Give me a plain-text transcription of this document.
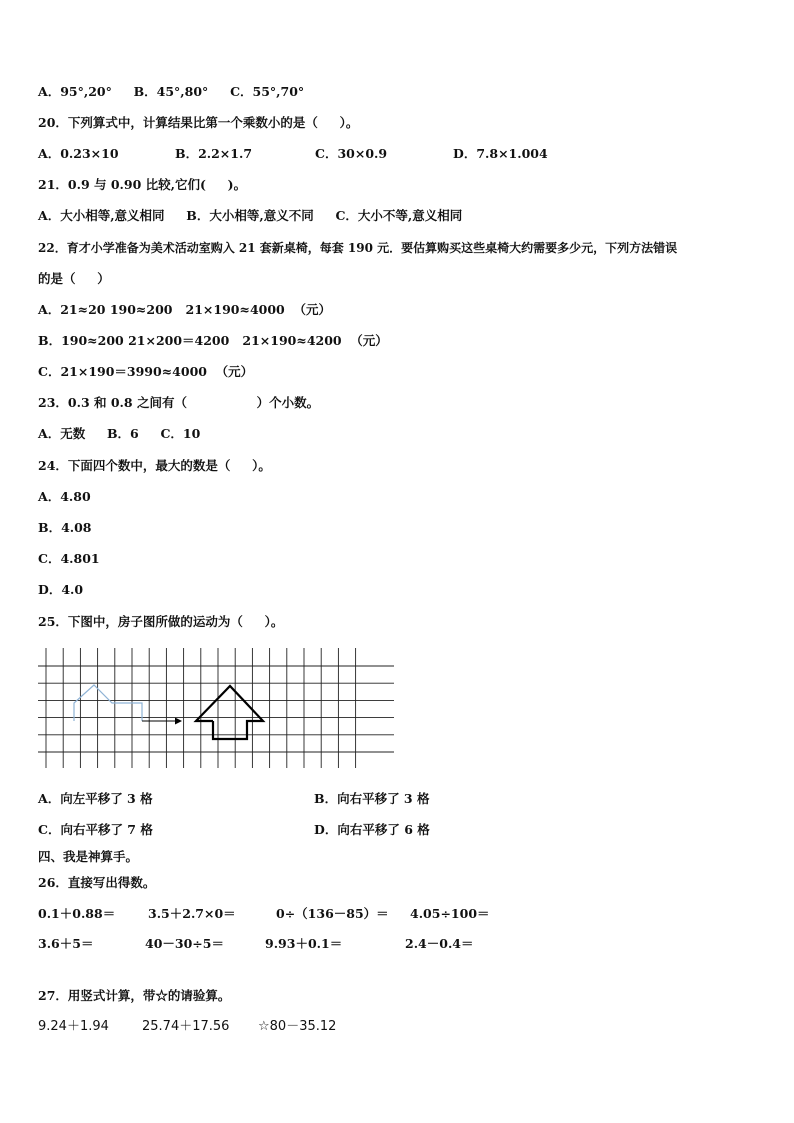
A．95°,20°     B．45°,80°     C．55°,70°
20．下列算式中，计算结果比第一个乘数小的是（     ）。
A．0.23×10	B．2.2×1.7	C．30×0.9	D．7.8×1.004
21．0.9 与 0.90 比较,它们(     )。
A．大小相等,意义相同     B．大小相等,意义不同     C．大小不等,意义相同
22．育才小学准备为美术活动室购入 21 套新桌椅，每套 190 元．要估算购买这些桌椅大约需要多少元，下列方法错误
的是（     ）
A．21≈20 190≈200   21×190≈4000  （元）
B．190≈200 21×200＝4200   21×190≈4200  （元）
C．21×190＝3990≈4000  （元）
23．0.3 和 0.8 之间有（                ）个小数。
A．无数     B．6     C．10
24．下面四个数中，最大的数是（     ）。
A．4.80
B．4.08
C．4.801
D．4.0
25．下图中，房子图所做的运动为（     ）。
A．向左平移了 3 格	B．向右平移了 3 格
C．向右平移了 7 格	D．向右平移了 6 格
四、我是神算手。
26．直接写出得数。
0.1＋0.88＝	3.5＋2.7×0＝	0÷（136－85）＝ 4.05÷100＝
3.6＋5＝	40－30÷5＝	9.93＋0.1＝	2.4－0.4＝
27．用竖式计算，带☆的请验算。
9.24＋1.94	25.74＋17.56 ☆80－35.12
